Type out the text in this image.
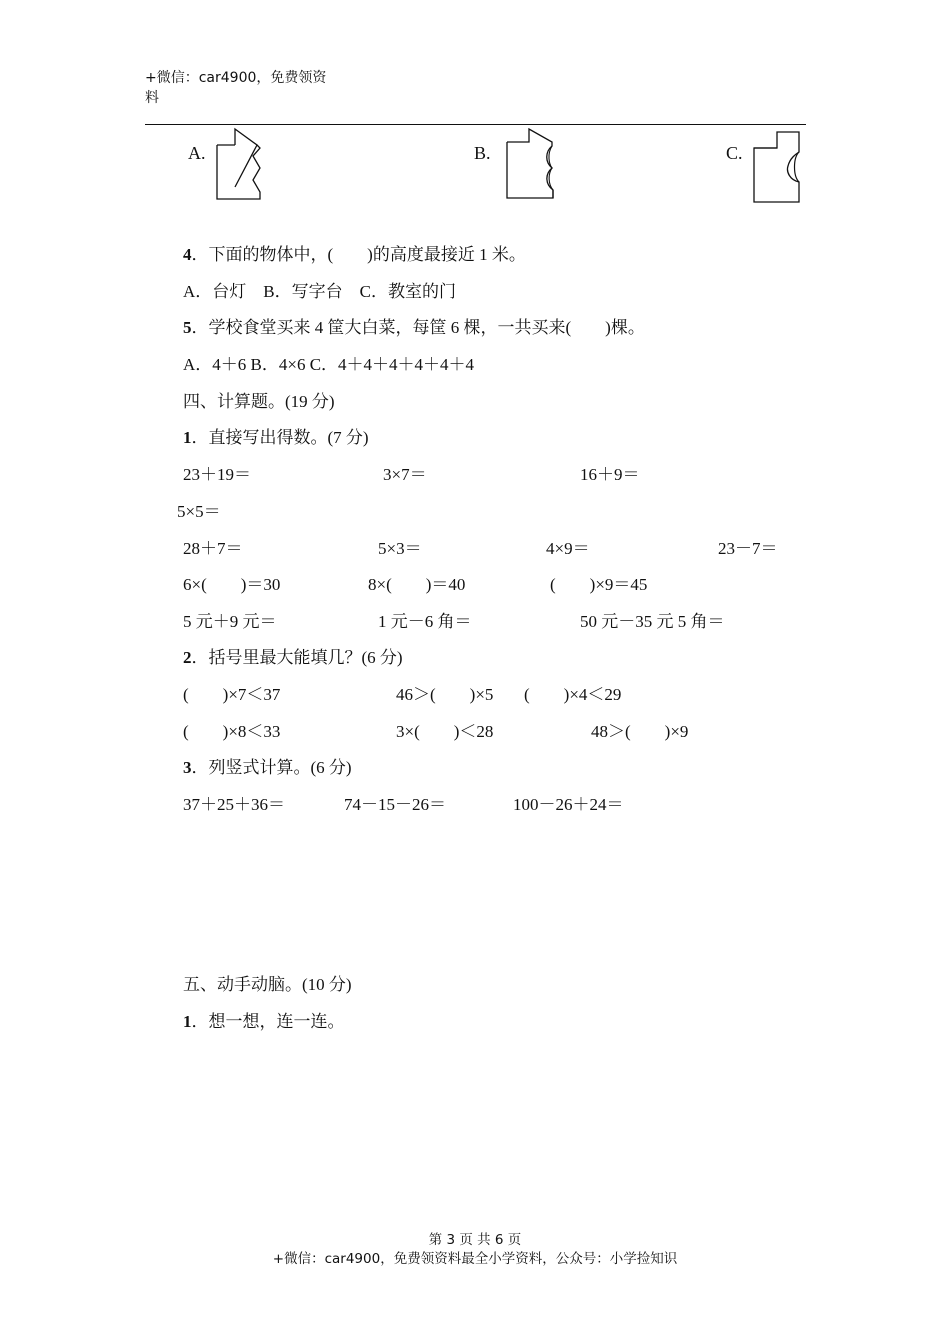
+微信：car4900，免费领资
料
A.	B.	C.
4．下面的物体中，(　　)的高度最接近 1 米。
A．台灯　B．写字台　C．教室的门
5．学校食堂买来 4 筐大白菜，每筐 6 棵，一共买来(　　)棵。
A．4＋6 B．4×6 C．4＋4＋4＋4＋4＋4
四、计算题。(19 分)
1．直接写出得数。(7 分)
23＋19＝	3×7＝	16＋9＝
5×5＝
28＋7＝	5×3＝	4×9＝	23－7＝
6×(　　)＝30	8×(　　)＝40	(　　)×9＝45
5 元＋9 元＝	1 元－6 角＝	50 元－35 元 5 角＝
2．括号里最大能填几？(6 分)
(　　)×7＜37	46＞(　　)×5 (　　)×4＜29
(　　)×8＜33	3×(　　)＜28	48＞(　　)×9
3．列竖式计算。(6 分)
37＋25＋36＝	74－15－26＝	100－26＋24＝
五、动手动脑。(10 分)
1．想一想，连一连。
第 3 页 共 6 页
+微信：car4900，免费领资料最全小学资料，公众号：小学捡知识
